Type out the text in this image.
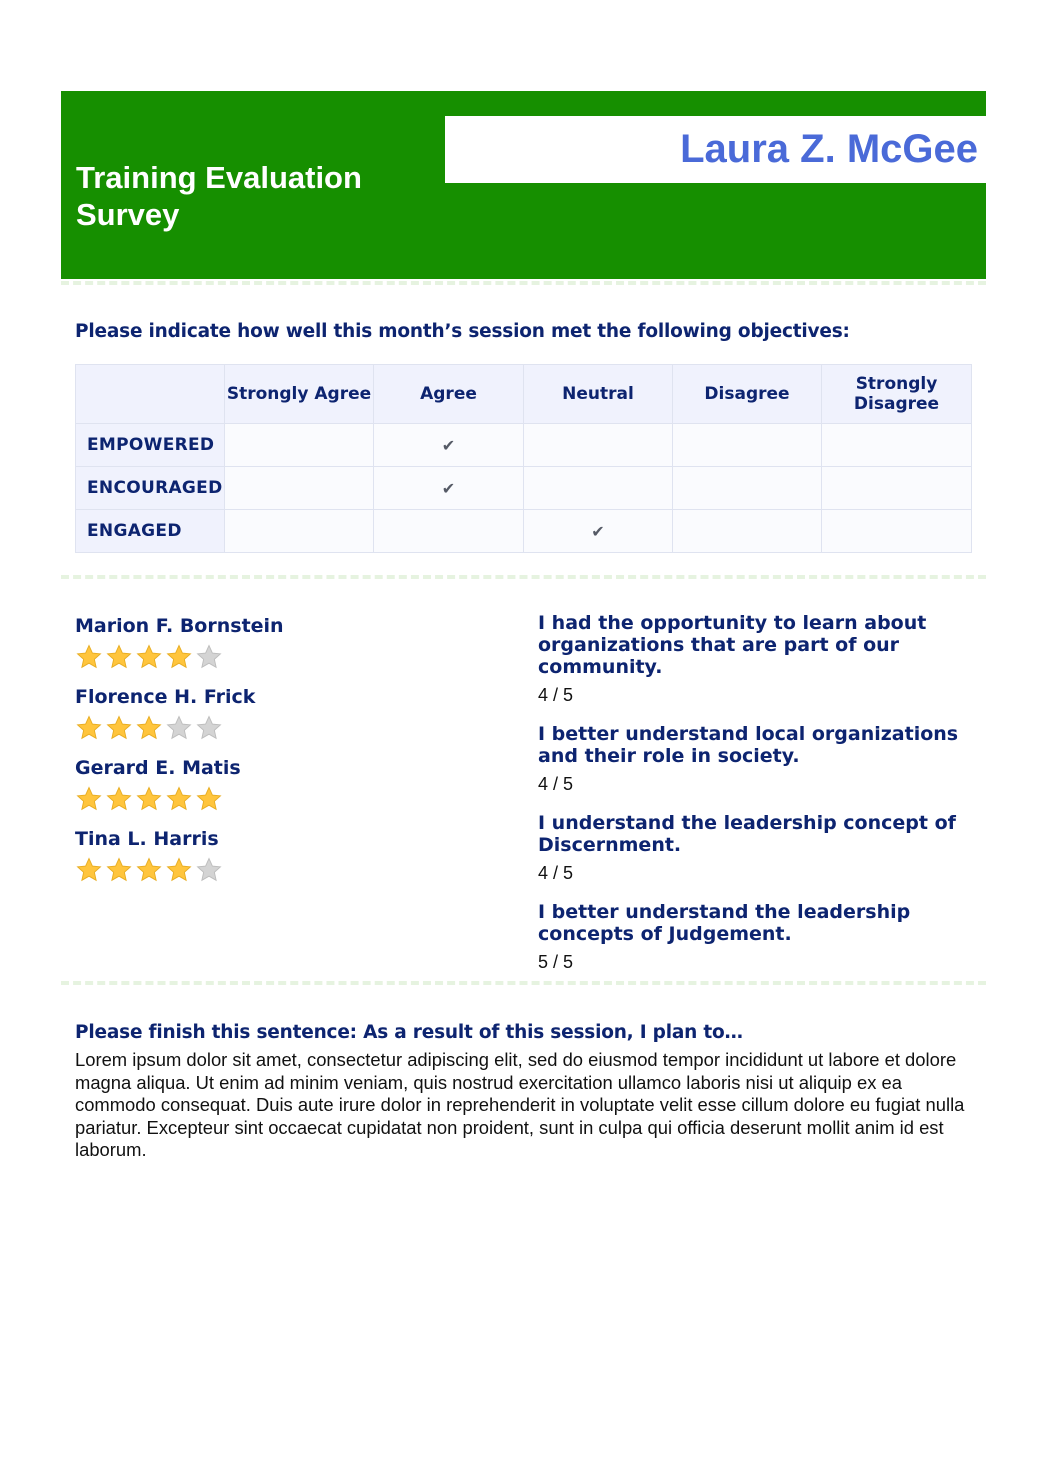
Training Evaluation Survey
Laura Z. McGee
Please indicate how well this month’s session met the following objectives:
	Strongly Agree	Agree	Neutral	Disagree	Strongly Disagree
EMPOWERED		✔			
ENCOURAGED		✔			
ENGAGED			✔		
Marion F. Bornstein
Florence H. Frick
Gerard E. Matis
Tina L. Harris
I had the opportunity to learn about organizations that are part of our community.
4 / 5
I better understand local organizations and their role in society.
4 / 5
I understand the leadership concept of Discernment.
4 / 5
I better understand the leadership concepts of Judgement.
5 / 5
Please finish this sentence: As a result of this session, I plan to…
Lorem ipsum dolor sit amet, consectetur adipiscing elit, sed do eiusmod tempor incididunt ut labore et dolore magna aliqua. Ut enim ad minim veniam, quis nostrud exercitation ullamco laboris nisi ut aliquip ex ea commodo consequat. Duis aute irure dolor in reprehenderit in voluptate velit esse cillum dolore eu fugiat nulla pariatur. Excepteur sint occaecat cupidatat non proident, sunt in culpa qui officia deserunt mollit anim id est laborum.
